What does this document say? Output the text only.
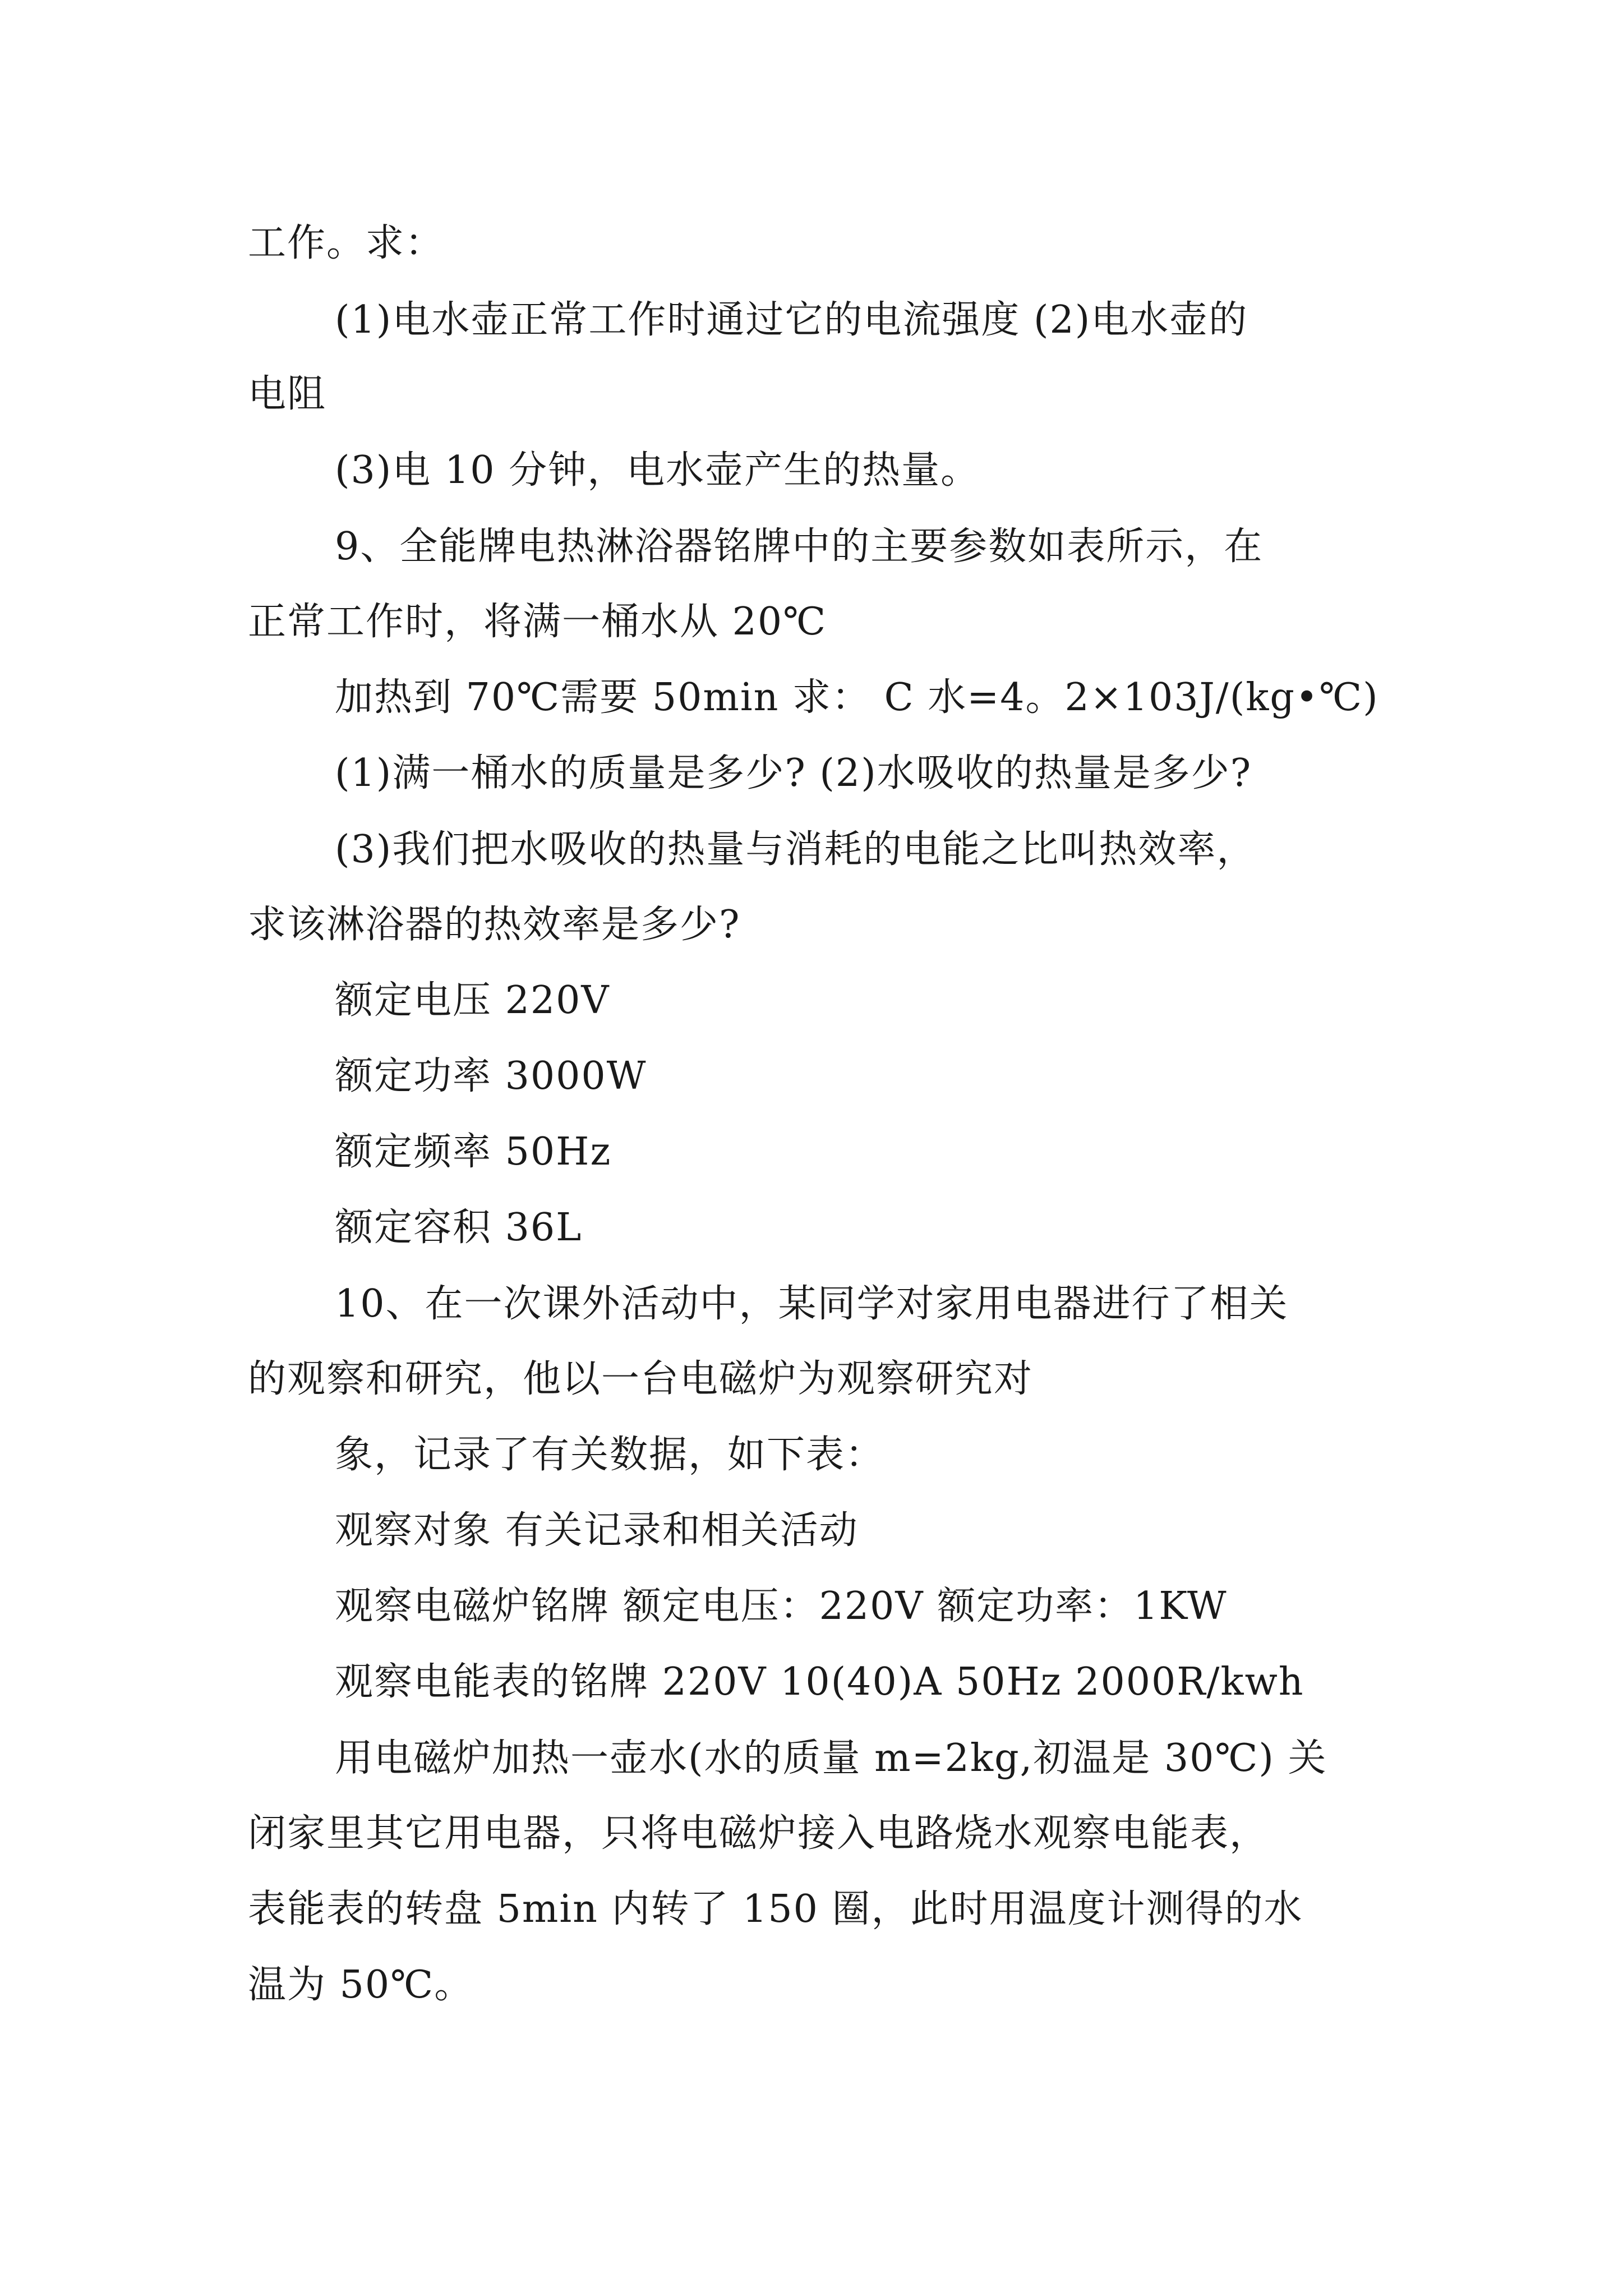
工作。求：
(1)电水壶正常工作时通过它的电流强度 (2)电水壶的
电阻
(3)电 10 分钟，电水壶产生的热量。
9、全能牌电热淋浴器铭牌中的主要参数如表所示，在
正常工作时，将满一桶水从 20℃
加热到 70℃需要 50min 求： C 水=4。2×103J/(kg•℃)
(1)满一桶水的质量是多少? (2)水吸收的热量是多少?
(3)我们把水吸收的热量与消耗的电能之比叫热效率，
求该淋浴器的热效率是多少?
额定电压 220V
额定功率 3000W
额定频率 50Hz
额定容积 36L
10、在一次课外活动中，某同学对家用电器进行了相关
的观察和研究，他以一台电磁炉为观察研究对
象，记录了有关数据，如下表：
观察对象 有关记录和相关活动
观察电磁炉铭牌 额定电压：220V 额定功率：1KW
观察电能表的铭牌 220V 10(40)A 50Hz 2000R/kwh
用电磁炉加热一壶水(水的质量 m=2kg,初温是 30℃) 关
闭家里其它用电器，只将电磁炉接入电路烧水观察电能表，
表能表的转盘 5min 内转了 150 圈，此时用温度计测得的水
温为 50℃。
